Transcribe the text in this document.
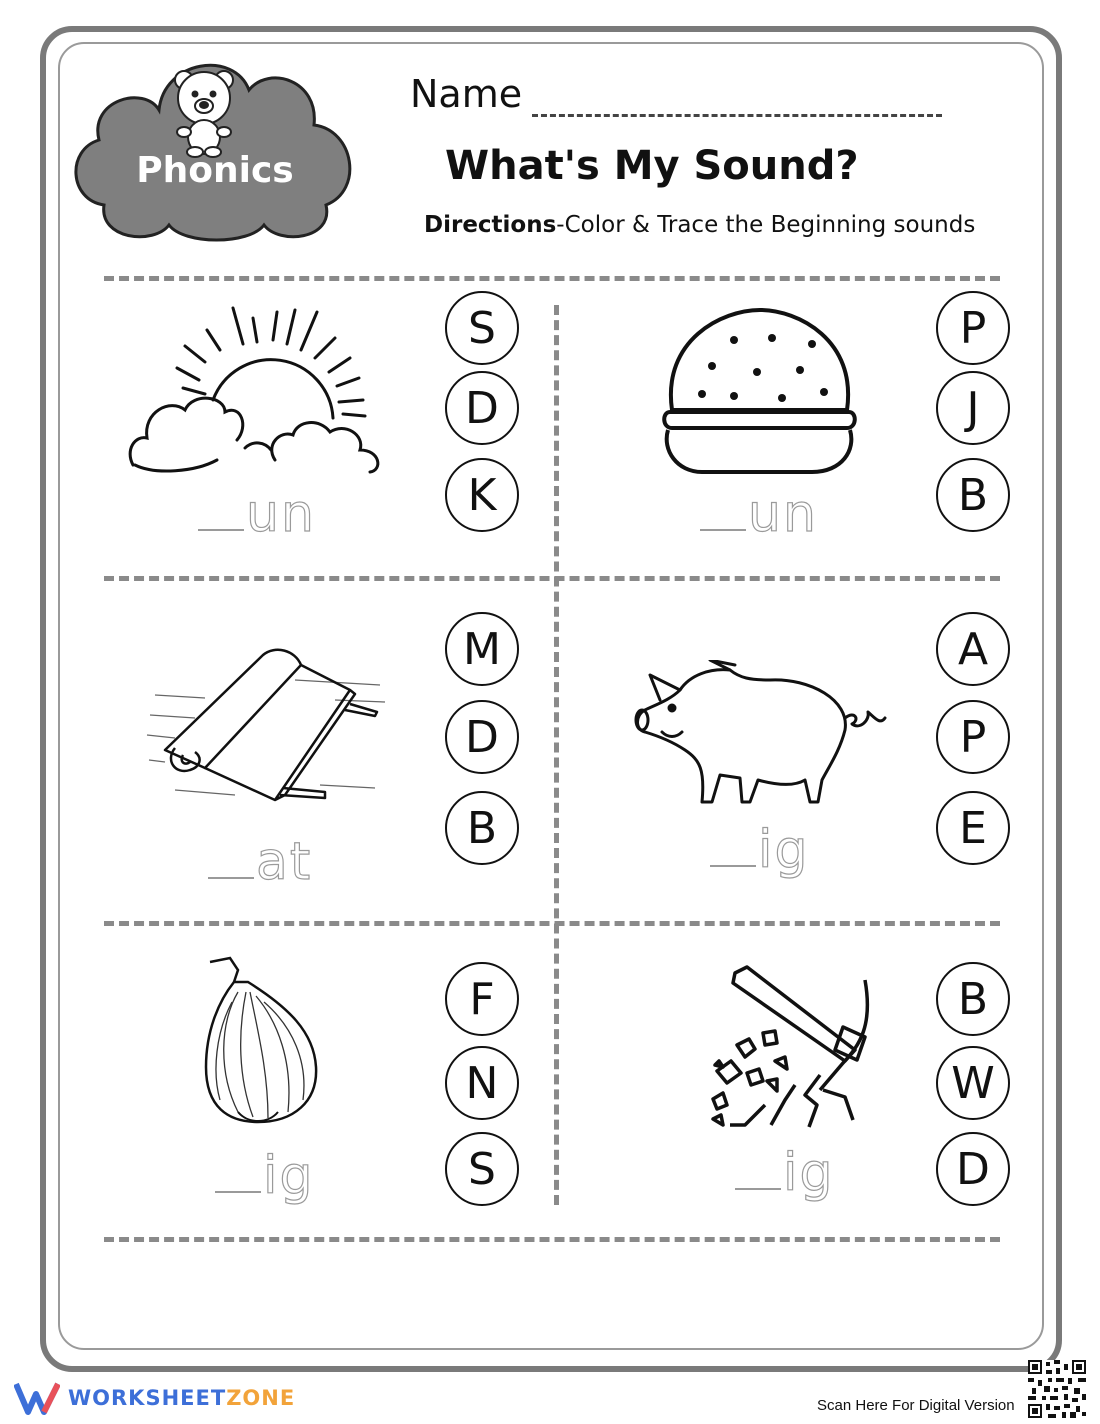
Phonics
Name
What's My Sound?
Directions-Color & Trace the Beginning sounds
S
D
K
un
P
J
B
un
M
D
B
at
A
P
E
ig
F
N
S
ig
B
W
D
ig
WORKSHEETZONE	Scan Here For Digital Version
